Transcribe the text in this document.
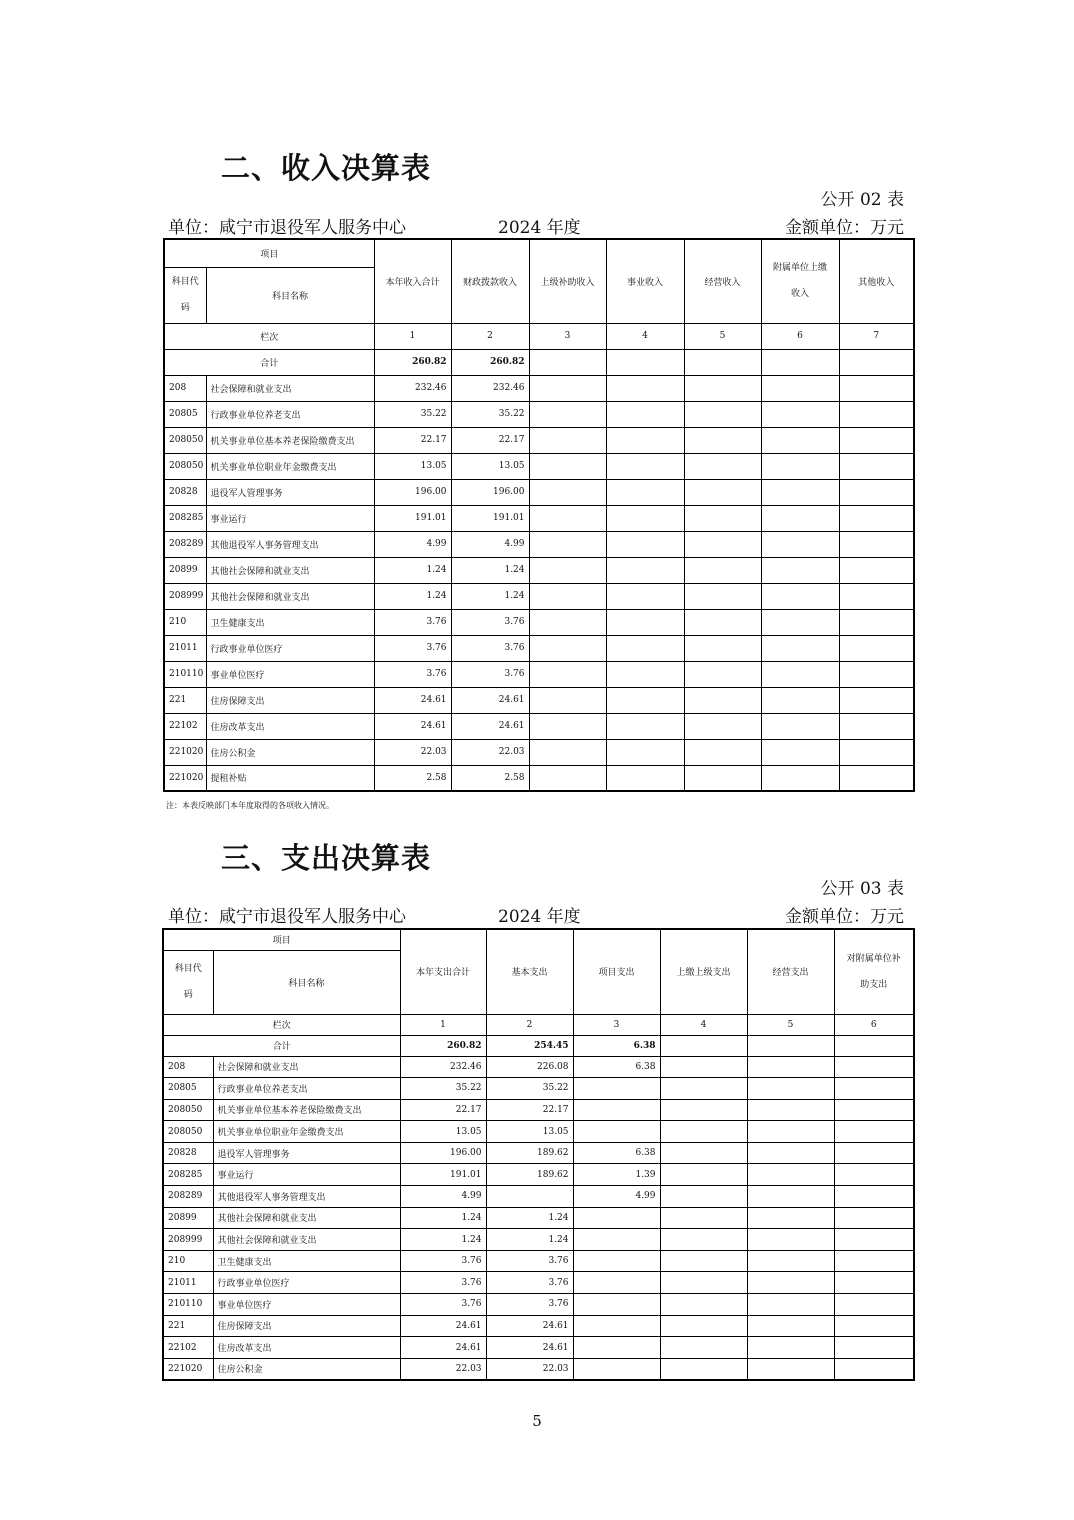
二、收入决算表
公开 02 表
单位：咸宁市退役军人服务中心	2024 年度	金额单位：万元
项目		本年收入合计	财政拨款收入	上级补助收入	事业收入	经营收入	附属单位上缴收入	其他收入
科目代码	科目名称							

栏次		1	2	3	4	5	6	7
合计		260.82	260.82					
208	社会保障和就业支出	232.46	232.46					
20805	行政事业单位养老支出	35.22	35.22					
208050	机关事业单位基本养老保险缴费支出	22.17	22.17					
208050	机关事业单位职业年金缴费支出	13.05	13.05					
20828	退役军人管理事务	196.00	196.00					
208285	事业运行	191.01	191.01					
208289	其他退役军人事务管理支出	4.99	4.99					
20899	其他社会保障和就业支出	1.24	1.24					
208999	其他社会保障和就业支出	1.24	1.24					
210	卫生健康支出	3.76	3.76					
21011	行政事业单位医疗	3.76	3.76					
210110	事业单位医疗	3.76	3.76					
221	住房保障支出	24.61	24.61					
22102	住房改革支出	24.61	24.61					
221020	住房公积金	22.03	22.03					
221020	提租补贴	2.58	2.58					
注：本表反映部门本年度取得的各项收入情况。
三、支出决算表
公开 03 表
单位：咸宁市退役军人服务中心	2024 年度	金额单位：万元
项目		本年支出合计	基本支出	项目支出	上缴上级支出	经营支出	对附属单位补助支出
科目代码	科目名称						

栏次		1	2	3	4	5	6
合计		260.82	254.45	6.38			
208	社会保障和就业支出	232.46	226.08	6.38			
20805	行政事业单位养老支出	35.22	35.22				
208050	机关事业单位基本养老保险缴费支出	22.17	22.17				
208050	机关事业单位职业年金缴费支出	13.05	13.05				
20828	退役军人管理事务	196.00	189.62	6.38			
208285	事业运行	191.01	189.62	1.39			
208289	其他退役军人事务管理支出	4.99		4.99			
20899	其他社会保障和就业支出	1.24	1.24				
208999	其他社会保障和就业支出	1.24	1.24				
210	卫生健康支出	3.76	3.76				
21011	行政事业单位医疗	3.76	3.76				
210110	事业单位医疗	3.76	3.76				
221	住房保障支出	24.61	24.61				
22102	住房改革支出	24.61	24.61				
221020	住房公积金	22.03	22.03				
5
